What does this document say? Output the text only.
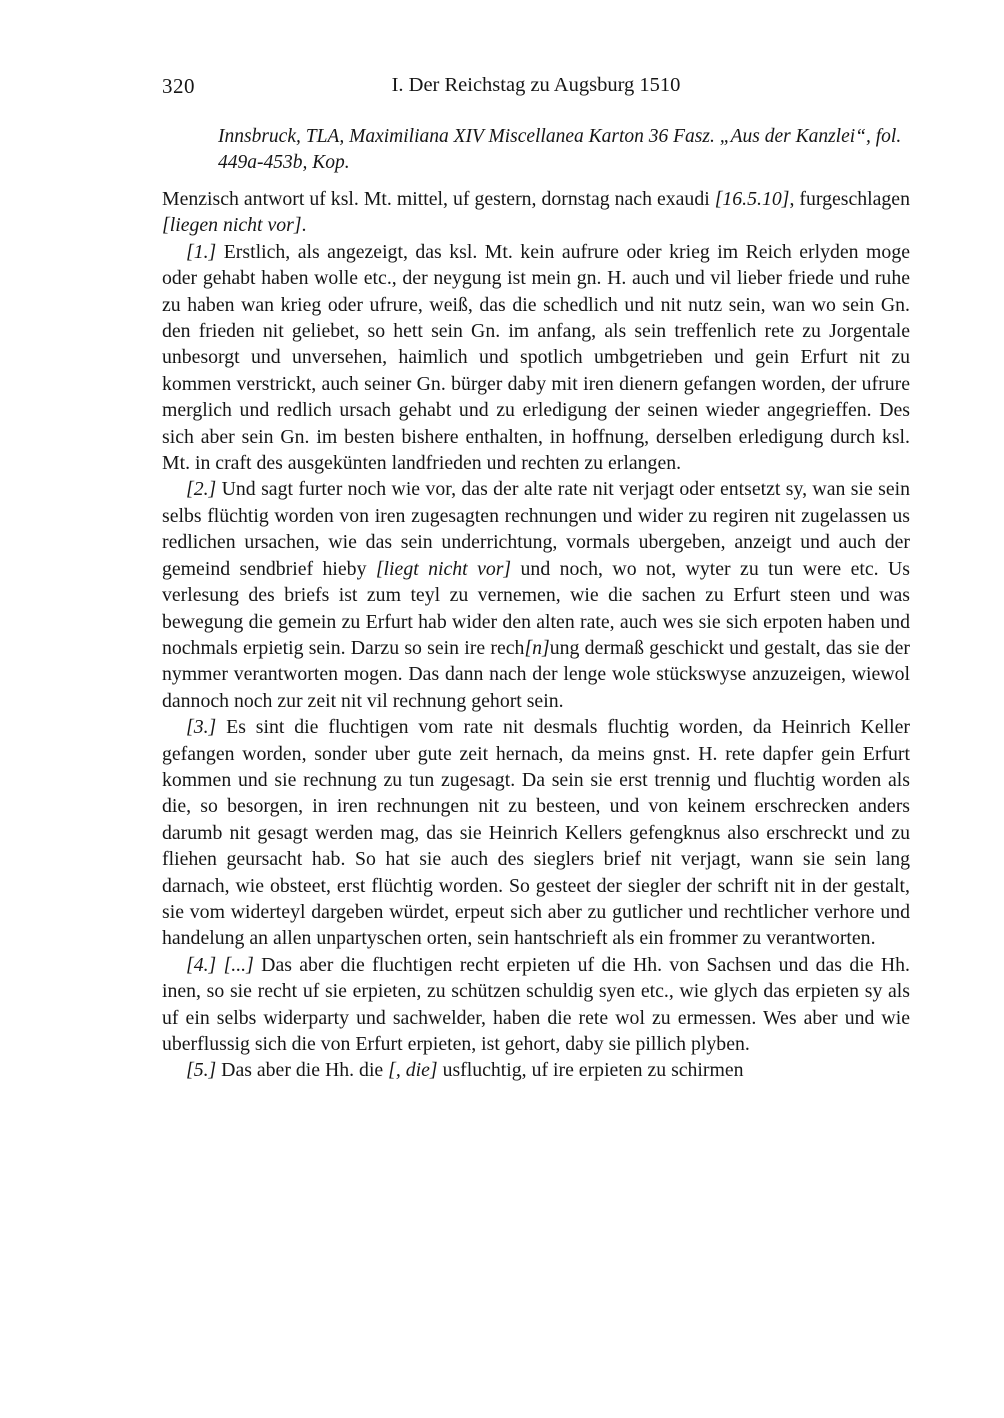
320	I. Der Reichstag zu Augsburg 1510
Innsbruck, TLA, Maximiliana XIV Miscellanea Karton 36 Fasz. „Aus der Kanzlei“, fol. 449a-453b, Kop.

Menzisch antwort uf ksl. Mt. mittel, uf gestern, dornstag nach exaudi [16.5.10], furgeschlagen [liegen nicht vor].

[1.] Erstlich, als angezeigt, das ksl. Mt. kein aufrure oder krieg im Reich erlyden moge oder gehabt haben wolle etc., der neygung ist mein gn. H. auch und vil lieber friede und ruhe zu haben wan krieg oder ufrure, weiß, das die schedlich und nit nutz sein, wan wo sein Gn. den frieden nit geliebet, so hett sein Gn. im anfang, als sein treffenlich rete zu Jorgentale unbesorgt und unversehen, haimlich und spotlich umbgetrieben und gein Erfurt nit zu kommen verstrickt, auch seiner Gn. bürger daby mit iren dienern gefangen worden, der ufrure merglich und redlich ursach gehabt und zu erledigung der seinen wieder angegrieffen. Des sich aber sein Gn. im besten bishere enthalten, in hoffnung, derselben erledigung durch ksl. Mt. in craft des ausgekünten landfrieden und rechten zu erlangen.

[2.] Und sagt furter noch wie vor, das der alte rate nit verjagt oder entsetzt sy, wan sie sein selbs flüchtig worden von iren zugesagten rechnungen und wider zu regiren nit zugelassen us redlichen ursachen, wie das sein underrichtung, vormals ubergeben, anzeigt und auch der gemeind sendbrief hieby [liegt nicht vor] und noch, wo not, wyter zu tun were etc. Us verlesung des briefs ist zum teyl zu vernemen, wie die sachen zu Erfurt steen und was bewegung die gemein zu Erfurt hab wider den alten rate, auch wes sie sich erpoten haben und nochmals erpietig sein. Darzu so sein ire rech[n]ung dermaß geschickt und gestalt, das sie der nymmer verantworten mogen. Das dann nach der lenge wole stückswyse anzuzeigen, wiewol dannoch noch zur zeit nit vil rechnung gehort sein.

[3.] Es sint die fluchtigen vom rate nit desmals fluchtig worden, da Heinrich Keller gefangen worden, sonder uber gute zeit hernach, da meins gnst. H. rete dapfer gein Erfurt kommen und sie rechnung zu tun zugesagt. Da sein sie erst trennig und fluchtig worden als die, so besorgen, in iren rechnungen nit zu besteen, und von keinem erschrecken anders darumb nit gesagt werden mag, das sie Heinrich Kellers gefengknus also erschreckt und zu fliehen geursacht hab. So hat sie auch des sieglers brief nit verjagt, wann sie sein lang darnach, wie obsteet, erst flüchtig worden. So gesteet der siegler der schrift nit in der gestalt, sie vom widerteyl dargeben würdet, erpeut sich aber zu gutlicher und rechtlicher verhore und handelung an allen unpartyschen orten, sein hantschrieft als ein frommer zu verantworten.

[4.] [...] Das aber die fluchtigen recht erpieten uf die Hh. von Sachsen und das die Hh. inen, so sie recht uf sie erpieten, zu schützen schuldig syen etc., wie glych das erpieten sy als uf ein selbs widerparty und sachwelder, haben die rete wol zu ermessen. Wes aber und wie uberflussig sich die von Erfurt erpieten, ist gehort, daby sie pillich plyben.

[5.] Das aber die Hh. die [, die] usfluchtig, uf ire erpieten zu schirmen
